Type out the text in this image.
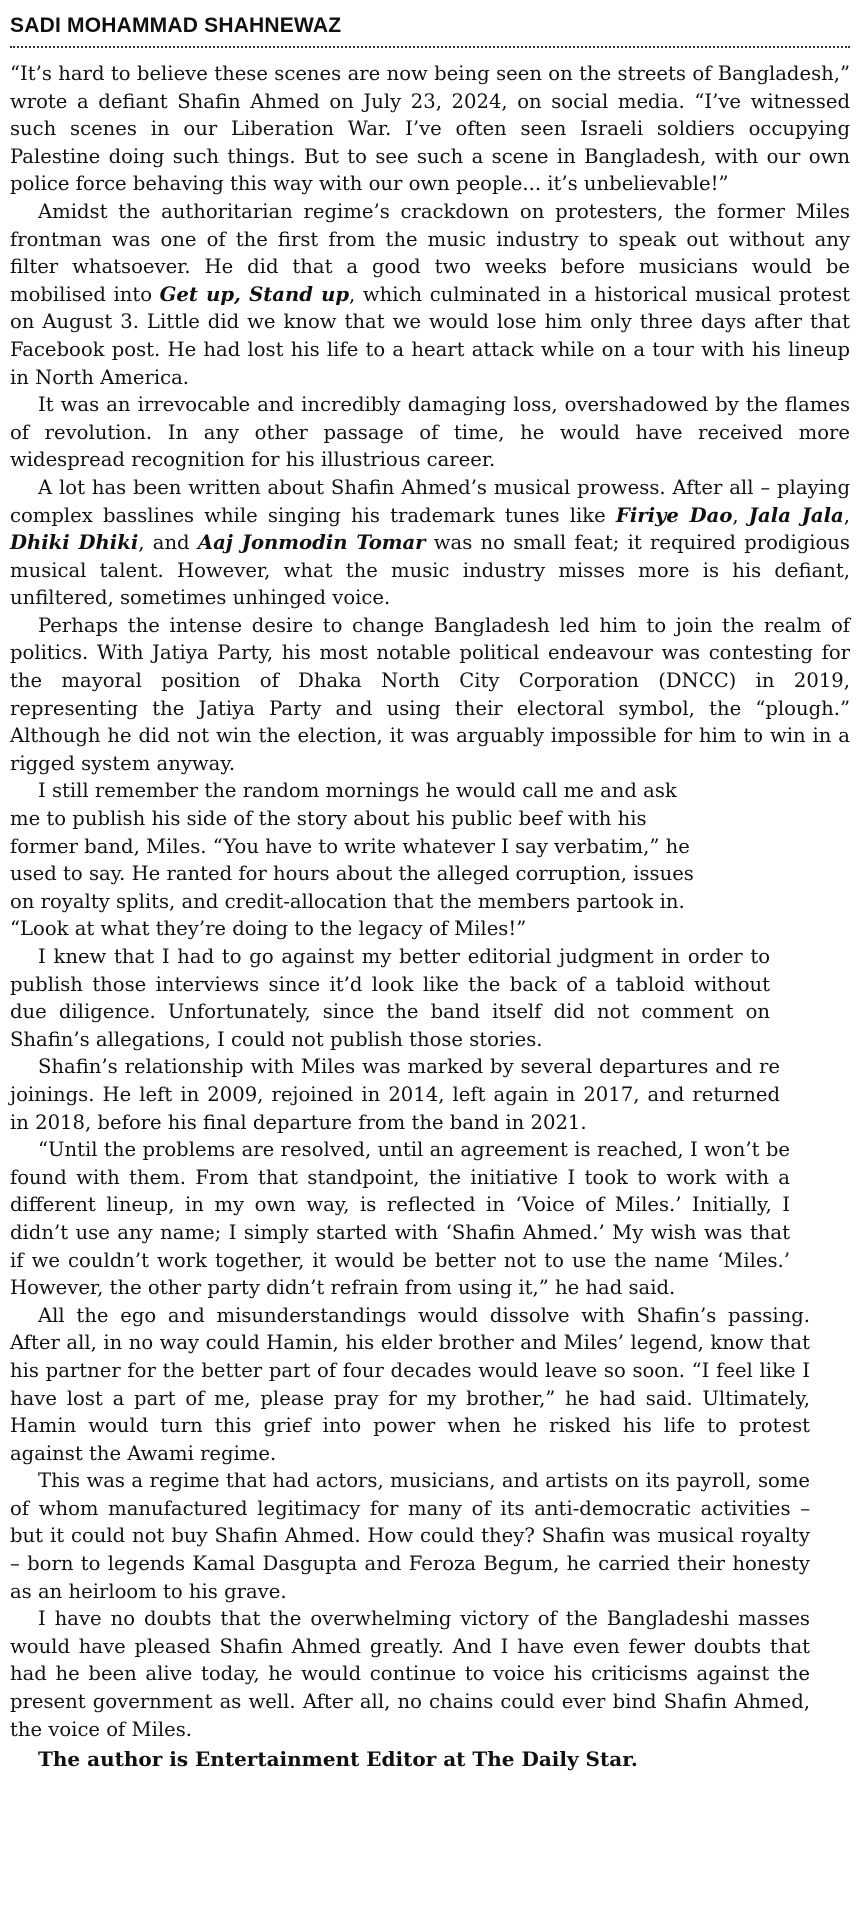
SADI MOHAMMAD SHAHNEWAZ

“It’s hard to believe these scenes are now being seen on the streets of Bangladesh,” wrote a defiant Shafin Ahmed on July 23, 2024, on social media. “I’ve witnessed such scenes in our Liberation War. I’ve often seen Israeli soldiers occupying Palestine doing such things. But to see such a scene in Bangladesh, with our own police force behaving this way with our own people... it’s unbelievable!”

Amidst the authoritarian regime’s crackdown on protesters, the former Miles frontman was one of the first from the music industry to speak out without any filter whatsoever. He did that a good two weeks before musicians would be mobilised into Get up, Stand up, which culminated in a historical musical protest on August 3. Little did we know that we would lose him only three days after that Facebook post. He had lost his life to a heart attack while on a tour with his lineup in North America.

It was an irrevocable and incredibly damaging loss, overshadowed by the flames of revolution. In any other passage of time, he would have received more widespread recognition for his illustrious career.

A lot has been written about Shafin Ahmed’s musical prowess. After all – playing complex basslines while singing his trademark tunes like Firiye Dao, Jala Jala, Dhiki Dhiki, and Aaj Jonmodin Tomar was no small feat; it required prodigious musical talent. However, what the music industry misses more is his defiant, unfiltered, sometimes unhinged voice.

Perhaps the intense desire to change Bangladesh led him to join the realm of politics. With Jatiya Party, his most notable political endeavour was contesting for the mayoral position of Dhaka North City Corporation (DNCC) in 2019, representing the Jatiya Party and using their electoral symbol, the “plough.” Although he did not win the election, it was arguably impossible for him to win in a rigged system anyway.

I still remember the random mornings he would call me and ask me to publish his side of the story about his public beef with his former band, Miles. “You have to write whatever I say verbatim,” he used to say. He ranted for hours about the alleged corruption, issues on royalty splits, and credit-allocation that the members partook in. “Look at what they’re doing to the legacy of Miles!”

I knew that I had to go against my better editorial judgment in order to publish those interviews since it’d look like the back of a tabloid without due diligence. Unfortunately, since the band itself did not comment on Shafin’s allegations, I could not publish those stories.

Shafin’s relationship with Miles was marked by several departures and re joinings. He left in 2009, rejoined in 2014, left again in 2017, and returned in 2018, before his final departure from the band in 2021.

“Until the problems are resolved, until an agreement is reached, I won’t be found with them. From that standpoint, the initiative I took to work with a different lineup, in my own way, is reflected in ‘Voice of Miles.’ Initially, I didn’t use any name; I simply started with ‘Shafin Ahmed.’ My wish was that if we couldn’t work together, it would be better not to use the name ‘Miles.’ However, the other party didn’t refrain from using it,” he had said.

All the ego and misunderstandings would dissolve with Shafin’s passing. After all, in no way could Hamin, his elder brother and Miles’ legend, know that his partner for the better part of four decades would leave so soon. “I feel like I have lost a part of me, please pray for my brother,” he had said. Ultimately, Hamin would turn this grief into power when he risked his life to protest against the Awami regime.

This was a regime that had actors, musicians, and artists on its payroll, some of whom manufactured legitimacy for many of its anti-democratic activities – but it could not buy Shafin Ahmed. How could they? Shafin was musical royalty – born to legends Kamal Dasgupta and Feroza Begum, he carried their honesty as an heirloom to his grave.

I have no doubts that the overwhelming victory of the Bangladeshi masses would have pleased Shafin Ahmed greatly. And I have even fewer doubts that had he been alive today, he would continue to voice his criticisms against the present government as well. After all, no chains could ever bind Shafin Ahmed, the voice of Miles.

The author is Entertainment Editor at The Daily Star.
